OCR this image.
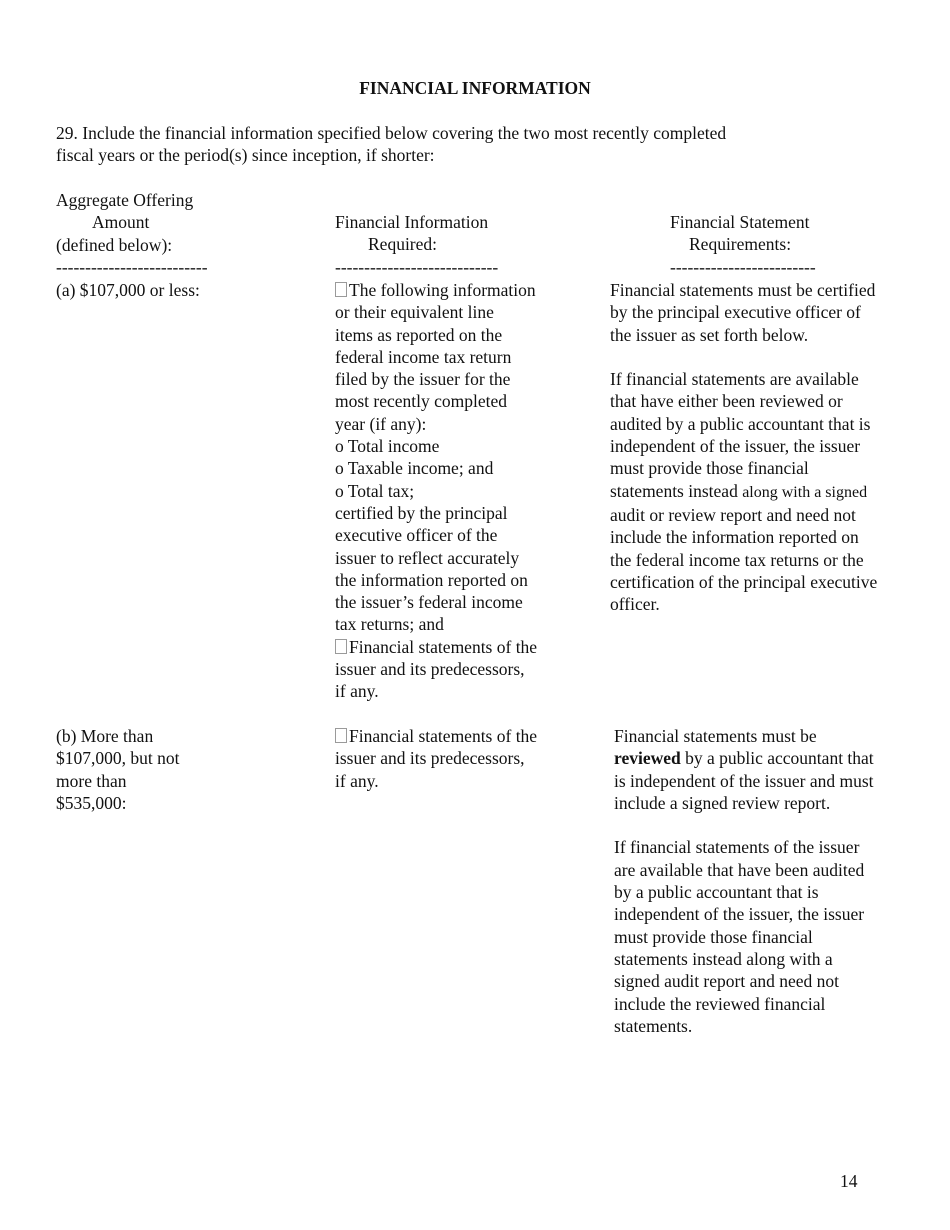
FINANCIAL INFORMATION
29. Include the financial information specified below covering the two most recently completed
fiscal years or the period(s) since inception, if shorter:
Aggregate Offering
Amount
(defined below):
--------------------------
Financial Information
Required:
----------------------------
Financial Statement
Requirements:
-------------------------
(a) $107,000 or less:	The following information
or their equivalent line
items as reported on the
federal income tax return
filed by the issuer for the
most recently completed
year (if any):
o Total income
o Taxable income; and
o Total tax;
certified by the principal
executive officer of the
issuer to reflect accurately
the information reported on
the issuer’s federal income
tax returns; and
Financial statements of the
issuer and its predecessors,
if any.
Financial statements must be certified
by the principal executive officer of
the issuer as set forth below.

If financial statements are available
that have either been reviewed or
audited by a public accountant that is
independent of the issuer, the issuer
must provide those financial
statements instead along with a signed
audit or review report and need not
include the information reported on
the federal income tax returns or the
certification of the principal executive
officer.
(b) More than
$107,000, but not
more than
$535,000:
Financial statements of the
issuer and its predecessors,
if any.
Financial statements must be
reviewed by a public accountant that
is independent of the issuer and must
include a signed review report.

If financial statements of the issuer
are available that have been audited
by a public accountant that is
independent of the issuer, the issuer
must provide those financial
statements instead along with a
signed audit report and need not
include the reviewed financial
statements.
14
